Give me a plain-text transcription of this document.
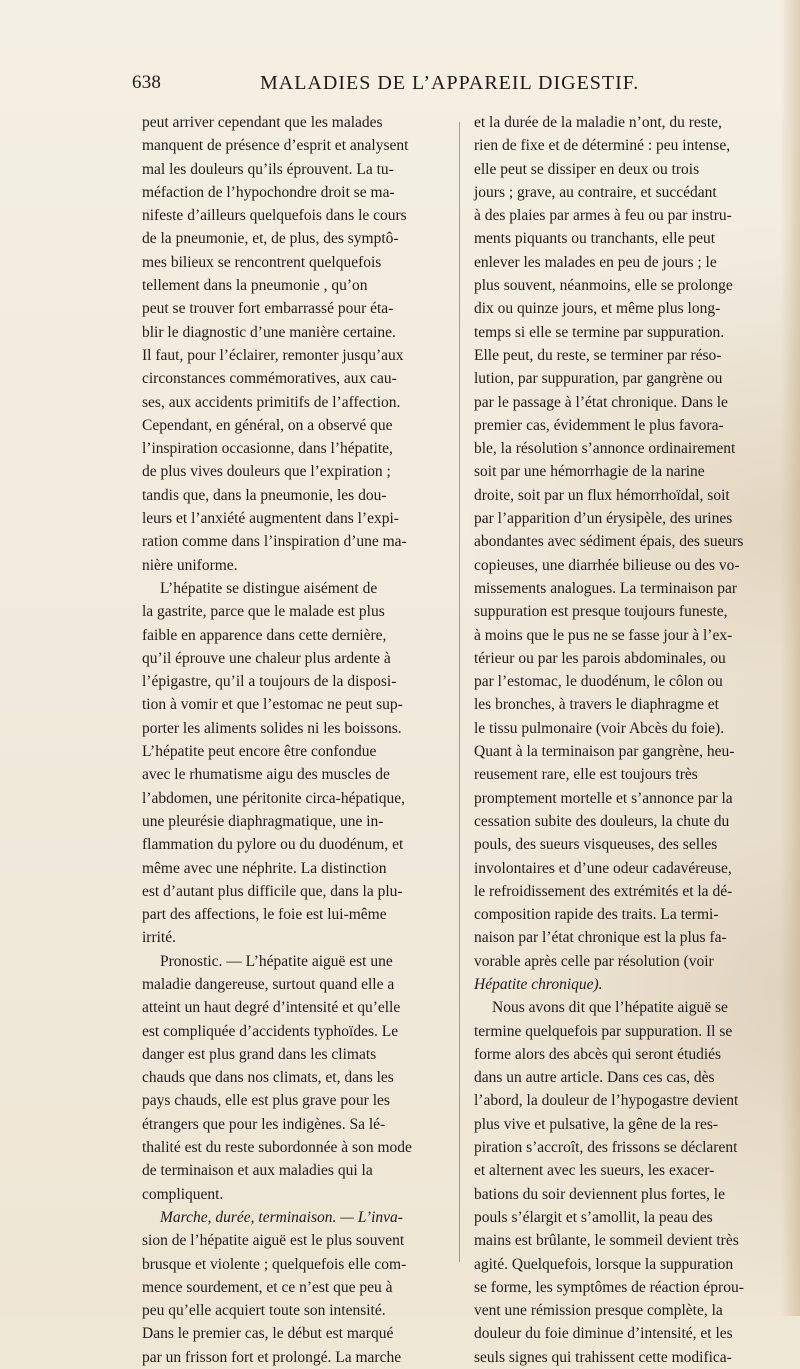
638	MALADIES DE L’APPAREIL DIGESTIF.
peut arriver cependant que les malades
manquent de présence d’esprit et analysent
mal les douleurs qu’ils éprouvent. La tu-
méfaction de l’hypochondre droit se ma-
nifeste d’ailleurs quelquefois dans le cours
de la pneumonie, et, de plus, des symptô-
mes bilieux se rencontrent quelquefois
tellement dans la pneumonie , qu’on
peut se trouver fort embarrassé pour éta-
blir le diagnostic d’une manière certaine.
Il faut, pour l’éclairer, remonter jusqu’aux
circonstances commémoratives, aux cau-
ses, aux accidents primitifs de l’affection.
Cependant, en général, on a observé que
l’inspiration occasionne, dans l’hépatite,
de plus vives douleurs que l’expiration ;
tandis que, dans la pneumonie, les dou-
leurs et l’anxiété augmentent dans l’expi-
ration comme dans l’inspiration d’une ma-
nière uniforme.
L’hépatite se distingue aisément de
la gastrite, parce que le malade est plus
faible en apparence dans cette dernière,
qu’il éprouve une chaleur plus ardente à
l’épigastre, qu’il a toujours de la disposi-
tion à vomir et que l’estomac ne peut sup-
porter les aliments solides ni les boissons.
L’hépatite peut encore être confondue
avec le rhumatisme aigu des muscles de
l’abdomen, une péritonite circa-hépatique,
une pleurésie diaphragmatique, une in-
flammation du pylore ou du duodénum, et
même avec une néphrite. La distinction
est d’autant plus difficile que, dans la plu-
part des affections, le foie est lui-même
irrité.
Pronostic. — L’hépatite aiguë est une
maladie dangereuse, surtout quand elle a
atteint un haut degré d’intensité et qu’elle
est compliquée d’accidents typhoïdes. Le
danger est plus grand dans les climats
chauds que dans nos climats, et, dans les
pays chauds, elle est plus grave pour les
étrangers que pour les indigènes. Sa lé-
thalité est du reste subordonnée à son mode
de terminaison et aux maladies qui la
compliquent.
Marche, durée, terminaison. — L’inva-
sion de l’hépatite aiguë est le plus souvent
brusque et violente ; quelquefois elle com-
mence sourdement, et ce n’est que peu à
peu qu’elle acquiert toute son intensité.
Dans le premier cas, le début est marqué
par un frisson fort et prolongé. La marche
et la durée de la maladie n’ont, du reste,
rien de fixe et de déterminé : peu intense,
elle peut se dissiper en deux ou trois
jours ; grave, au contraire, et succédant
à des plaies par armes à feu ou par instru-
ments piquants ou tranchants, elle peut
enlever les malades en peu de jours ; le
plus souvent, néanmoins, elle se prolonge
dix ou quinze jours, et même plus long-
temps si elle se termine par suppuration.
Elle peut, du reste, se terminer par réso-
lution, par suppuration, par gangrène ou
par le passage à l’état chronique. Dans le
premier cas, évidemment le plus favora-
ble, la résolution s’annonce ordinairement
soit par une hémorrhagie de la narine
droite, soit par un flux hémorrhoïdal, soit
par l’apparition d’un érysipèle, des urines
abondantes avec sédiment épais, des sueurs
copieuses, une diarrhée bilieuse ou des vo-
missements analogues. La terminaison par
suppuration est presque toujours funeste,
à moins que le pus ne se fasse jour à l’ex-
térieur ou par les parois abdominales, ou
par l’estomac, le duodénum, le côlon ou
les bronches, à travers le diaphragme et
le tissu pulmonaire (voir Abcès du foie).
Quant à la terminaison par gangrène, heu-
reusement rare, elle est toujours très
promptement mortelle et s’annonce par la
cessation subite des douleurs, la chute du
pouls, des sueurs visqueuses, des selles
involontaires et d’une odeur cadavéreuse,
le refroidissement des extrémités et la dé-
composition rapide des traits. La termi-
naison par l’état chronique est la plus fa-
vorable après celle par résolution (voir
Hépatite chronique).
Nous avons dit que l’hépatite aiguë se
termine quelquefois par suppuration. Il se
forme alors des abcès qui seront étudiés
dans un autre article. Dans ces cas, dès
l’abord, la douleur de l’hypogastre devient
plus vive et pulsative, la gêne de la res-
piration s’accroît, des frissons se déclarent
et alternent avec les sueurs, les exacer-
bations du soir deviennent plus fortes, le
pouls s’élargit et s’amollit, la peau des
mains est brûlante, le sommeil devient très
agité. Quelquefois, lorsque la suppuration
se forme, les symptômes de réaction éprou-
vent une rémission presque complète, la
douleur du foie diminue d’intensité, et les
seuls signes qui trahissent cette modifica-
